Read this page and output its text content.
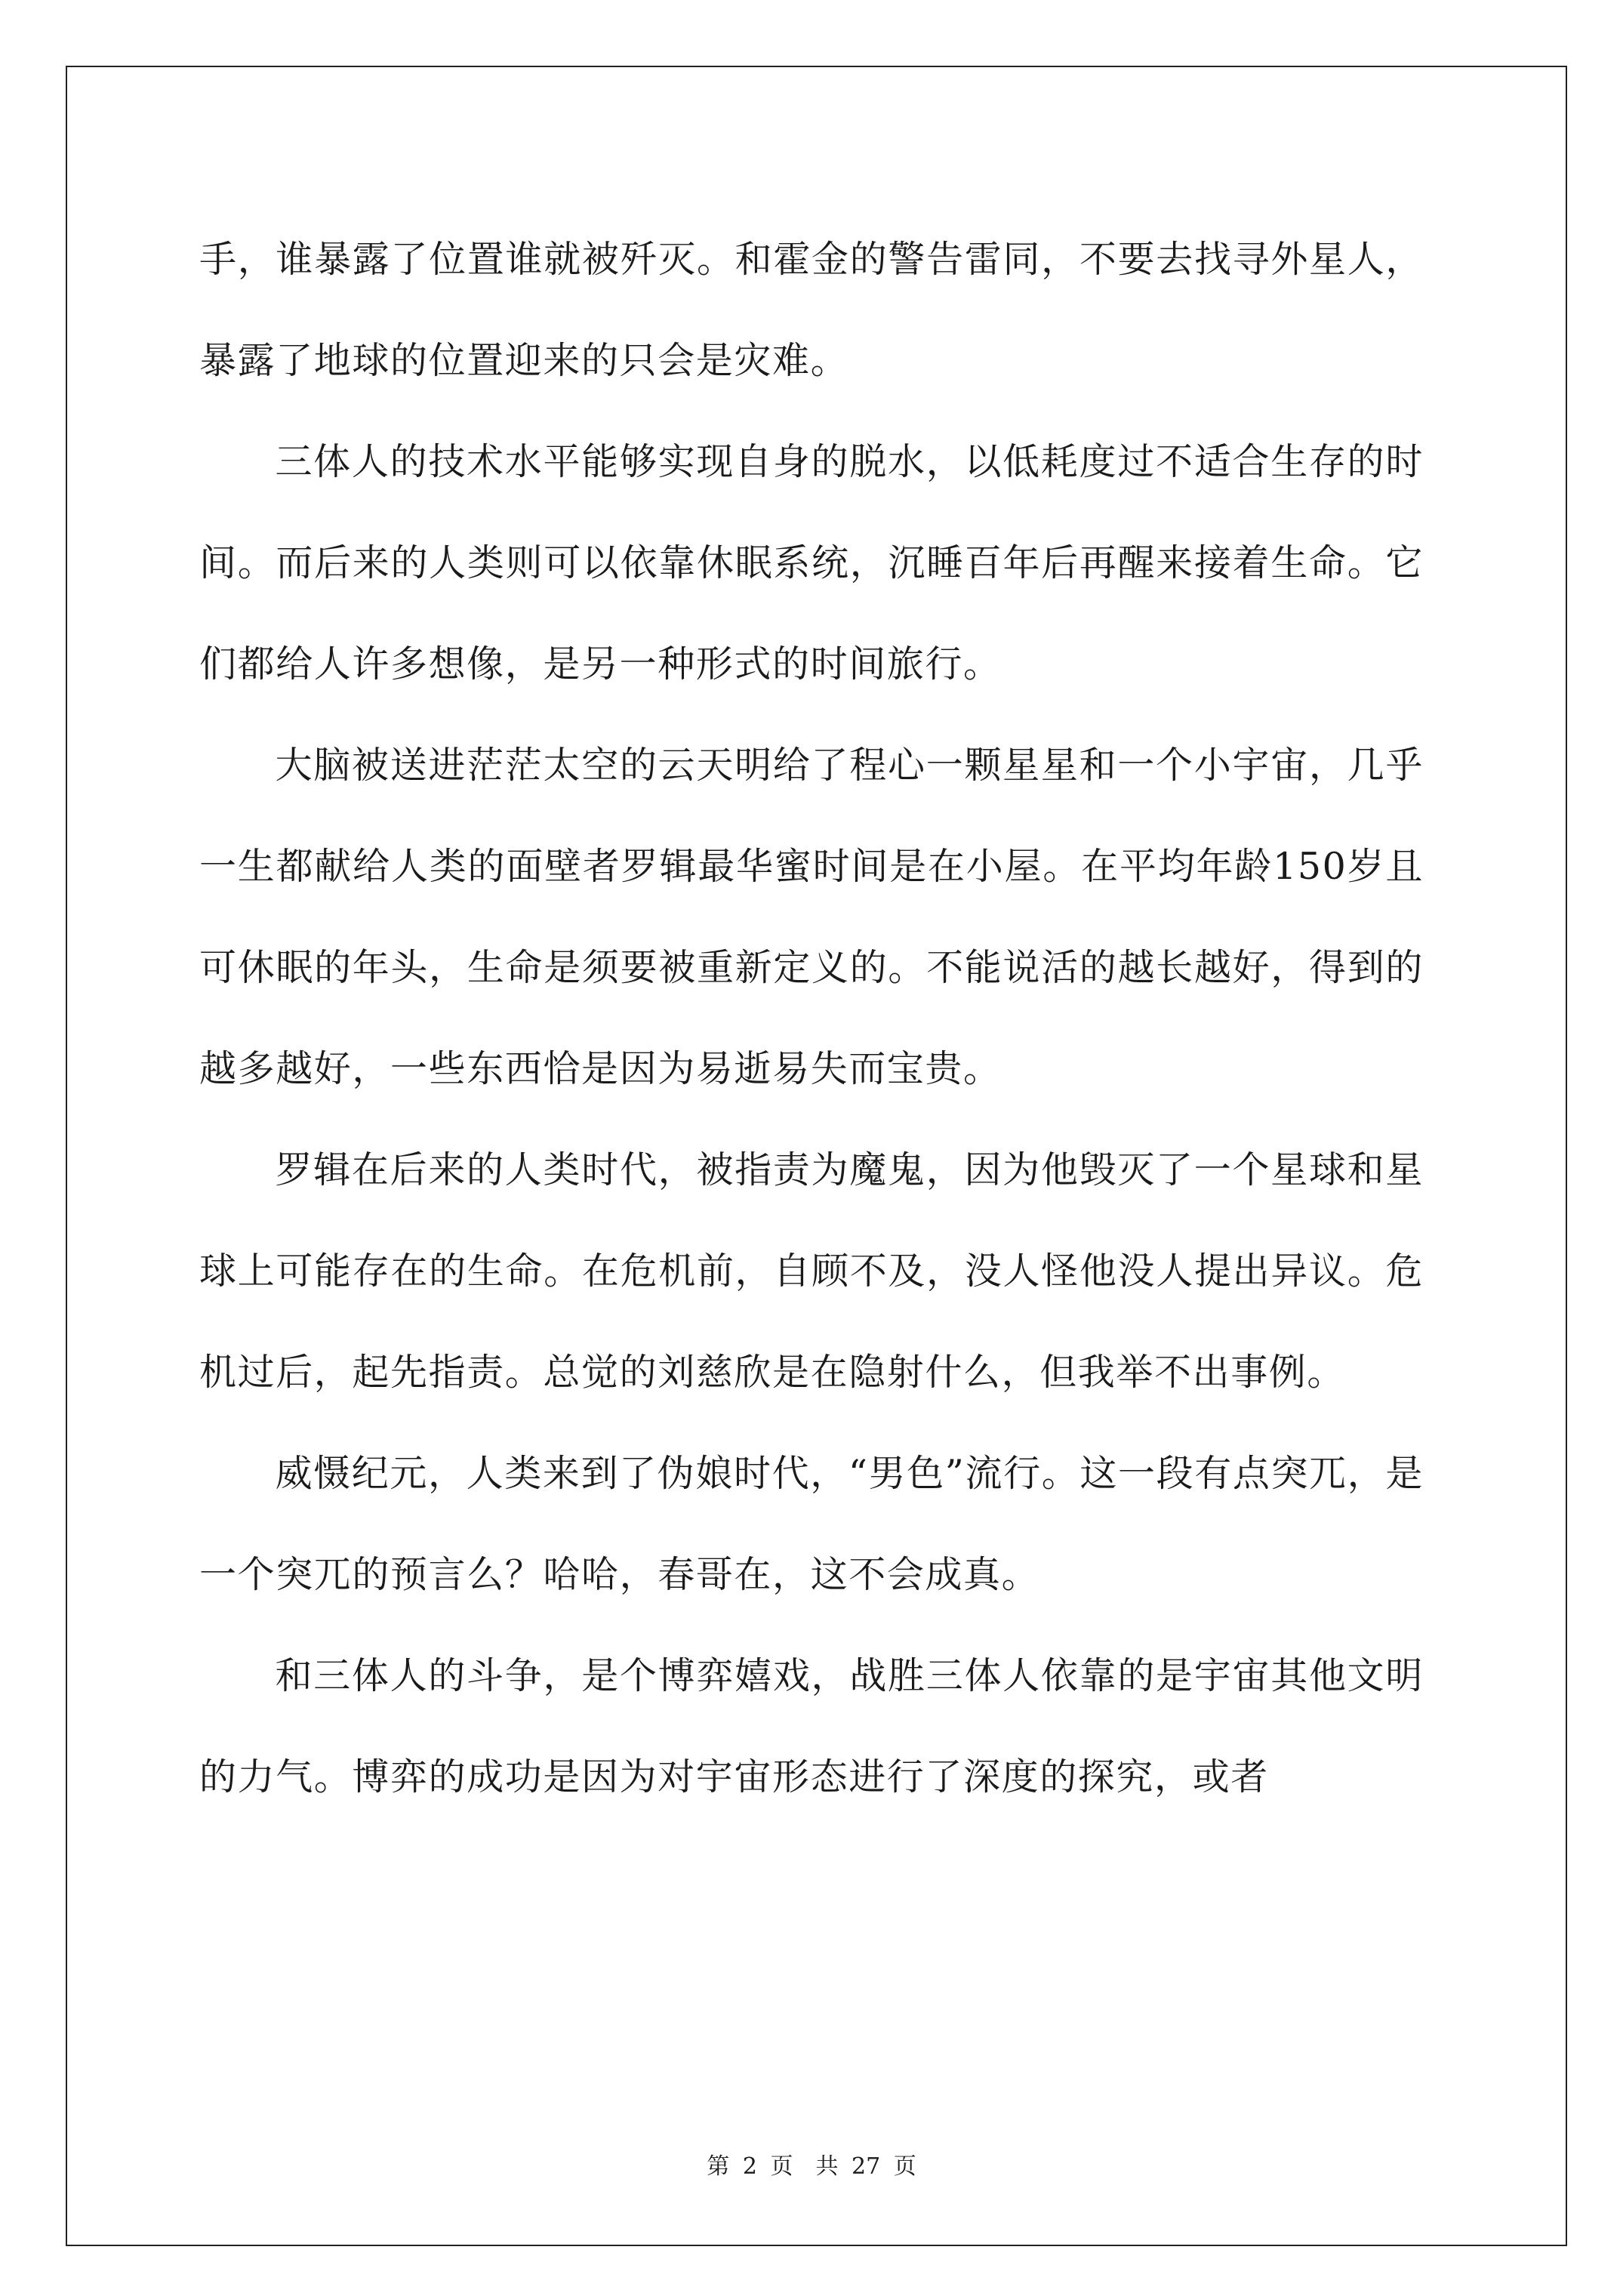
手，谁暴露了位置谁就被歼灭。和霍金的警告雷同，不要去找寻外星人，暴露了地球的位置迎来的只会是灾难。

三体人的技术水平能够实现自身的脱水，以低耗度过不适合生存的时间。而后来的人类则可以依靠休眠系统，沉睡百年后再醒来接着生命。它们都给人许多想像，是另一种形式的时间旅行。

大脑被送进茫茫太空的云天明给了程心一颗星星和一个小宇宙，几乎一生都献给人类的面壁者罗辑最华蜜时间是在小屋。在平均年龄150岁且可休眠的年头，生命是须要被重新定义的。不能说活的越长越好，得到的越多越好，一些东西恰是因为易逝易失而宝贵。

罗辑在后来的人类时代，被指责为魔鬼，因为他毁灭了一个星球和星球上可能存在的生命。在危机前，自顾不及，没人怪他没人提出异议。危机过后，起先指责。总觉的刘慈欣是在隐射什么，但我举不出事例。

威慑纪元，人类来到了伪娘时代，“男色”流行。这一段有点突兀，是一个突兀的预言么？哈哈，春哥在，这不会成真。

和三体人的斗争，是个博弈嬉戏，战胜三体人依靠的是宇宙其他文明的力气。博弈的成功是因为对宇宙形态进行了深度的探究，或者

第 2 页　共 27 页
